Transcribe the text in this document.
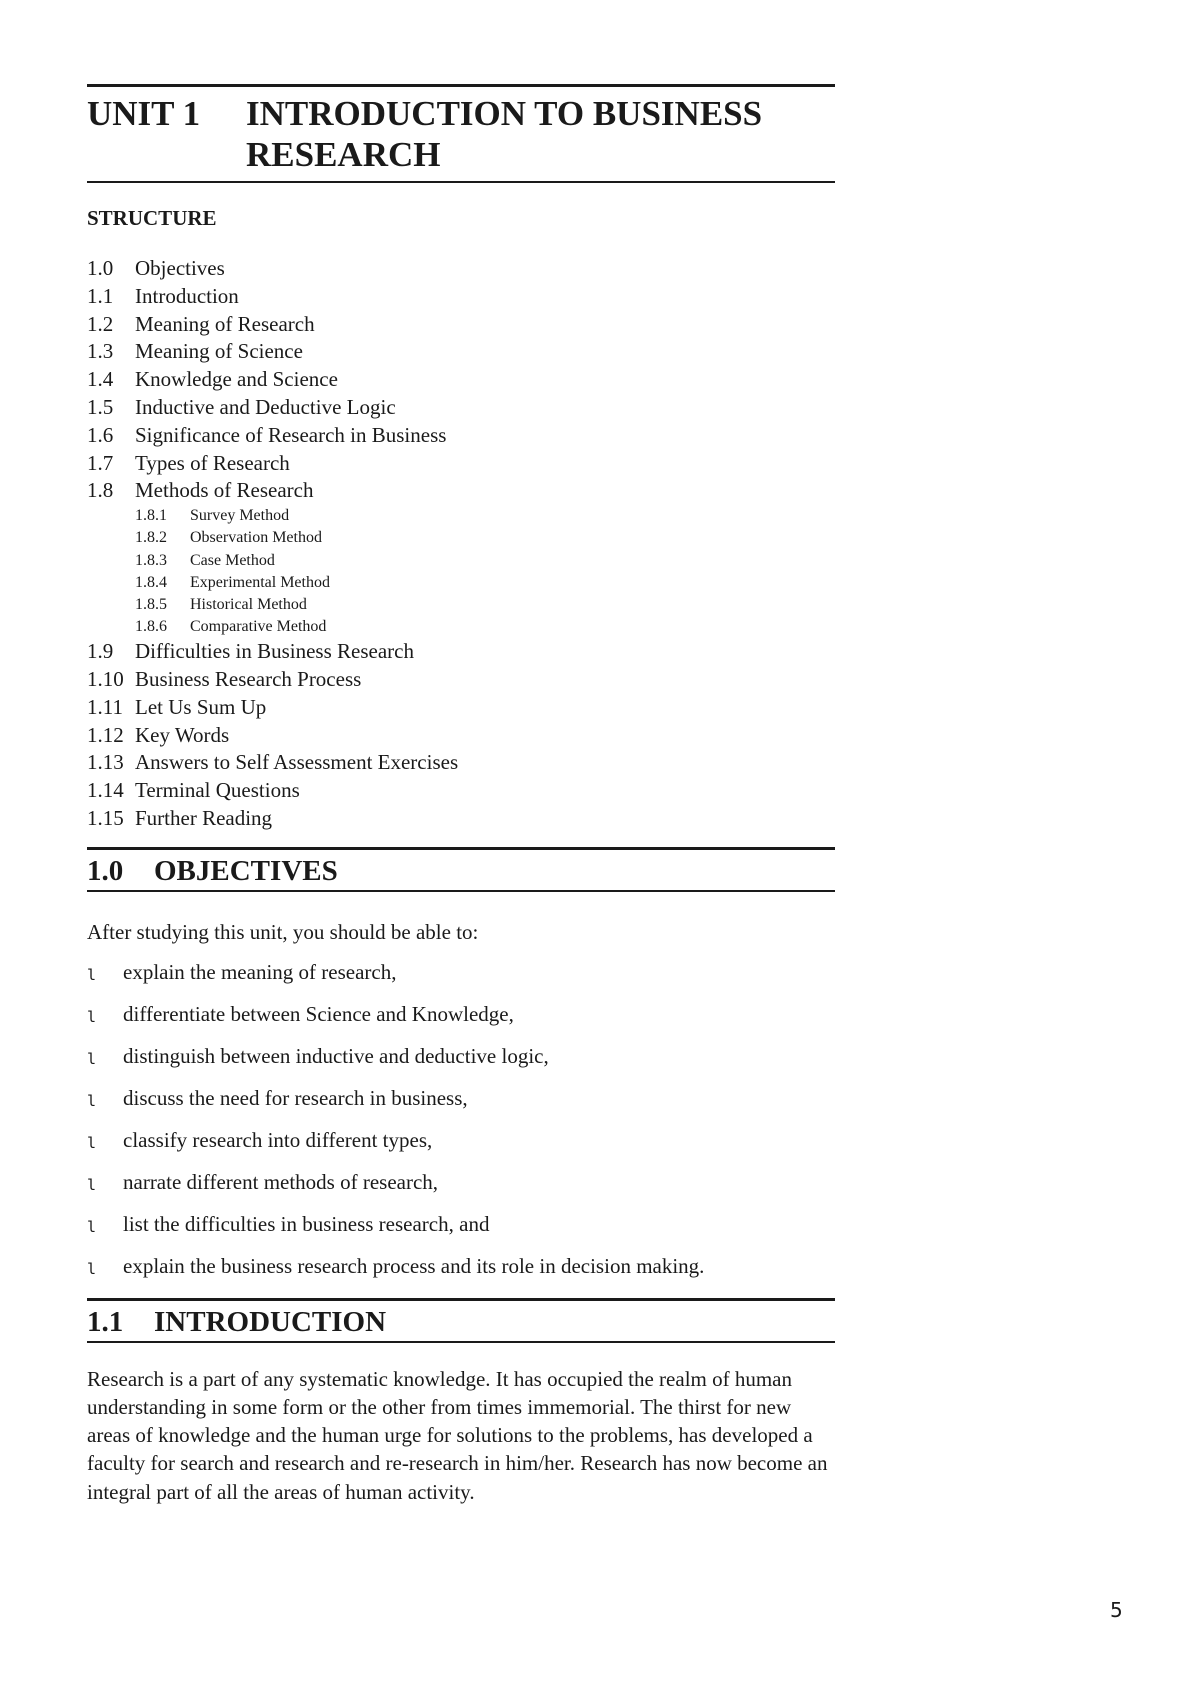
UNIT 1	INTRODUCTION TO BUSINESS
RESEARCH
STRUCTURE
1.0	Objectives
1.1	Introduction
1.2	Meaning of Research
1.3	Meaning of Science
1.4	Knowledge and Science
1.5	Inductive and Deductive Logic
1.6	Significance of Research in Business
1.7	Types of Research
1.8	Methods of Research
1.8.1	Survey Method
1.8.2	Observation Method
1.8.3	Case Method
1.8.4	Experimental Method
1.8.5	Historical Method
1.8.6	Comparative Method
1.9	Difficulties in Business Research
1.10 Business Research Process
1.11 Let Us Sum Up
1.12 Key Words
1.13 Answers to Self Assessment Exercises
1.14 Terminal Questions
1.15 Further Reading
1.0	OBJECTIVES
After studying this unit, you should be able to:
l	explain the meaning of research,
l	differentiate between Science and Knowledge,
l	distinguish between inductive and deductive logic,
l	discuss the need for research in business,
l	classify research into different types,
l	narrate different methods of research,
l	list the difficulties in business research, and
l	explain the business research process and its role in decision making.
1.1	INTRODUCTION
Research is a part of any systematic knowledge. It has occupied the realm of human understanding in some form or the other from times immemorial. The thirst for new areas of knowledge and the human urge for solutions to the problems, has developed a faculty for search and research and re-research in him/her. Research has now become an integral part of all the areas of human activity.
5
